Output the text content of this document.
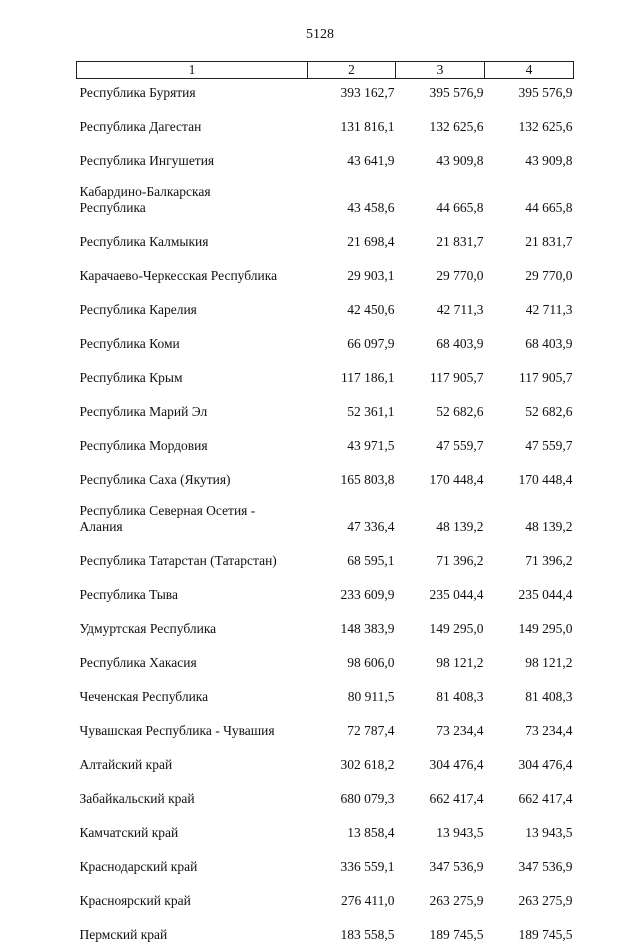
5128
1	2	3	4
Республика Бурятия	393 162,7	395 576,9	395 576,9
Республика Дагестан	131 816,1	132 625,6	132 625,6
Республика Ингушетия	43 641,9	43 909,8	43 909,8

Кабардино-Балкарская
Республика	43 458,6	44 665,8	44 665,8
Республика Калмыкия	21 698,4	21 831,7	21 831,7
Карачаево-Черкесская Республика	29 903,1	29 770,0	29 770,0
Республика Карелия	42 450,6	42 711,3	42 711,3
Республика Коми	66 097,9	68 403,9	68 403,9
Республика Крым	117 186,1	117 905,7	117 905,7
Республика Марий Эл	52 361,1	52 682,6	52 682,6
Республика Мордовия	43 971,5	47 559,7	47 559,7
Республика Саха (Якутия)	165 803,8	170 448,4	170 448,4

Республика Северная Осетия -
Алания	47 336,4	48 139,2	48 139,2
Республика Татарстан (Татарстан)	68 595,1	71 396,2	71 396,2
Республика Тыва	233 609,9	235 044,4	235 044,4
Удмуртская Республика	148 383,9	149 295,0	149 295,0
Республика Хакасия	98 606,0	98 121,2	98 121,2
Чеченская Республика	80 911,5	81 408,3	81 408,3
Чувашская Республика - Чувашия	72 787,4	73 234,4	73 234,4
Алтайский край	302 618,2	304 476,4	304 476,4
Забайкальский край	680 079,3	662 417,4	662 417,4
Камчатский край	13 858,4	13 943,5	13 943,5
Краснодарский край	336 559,1	347 536,9	347 536,9
Красноярский край	276 411,0	263 275,9	263 275,9
Пермский край	183 558,5	189 745,5	189 745,5
